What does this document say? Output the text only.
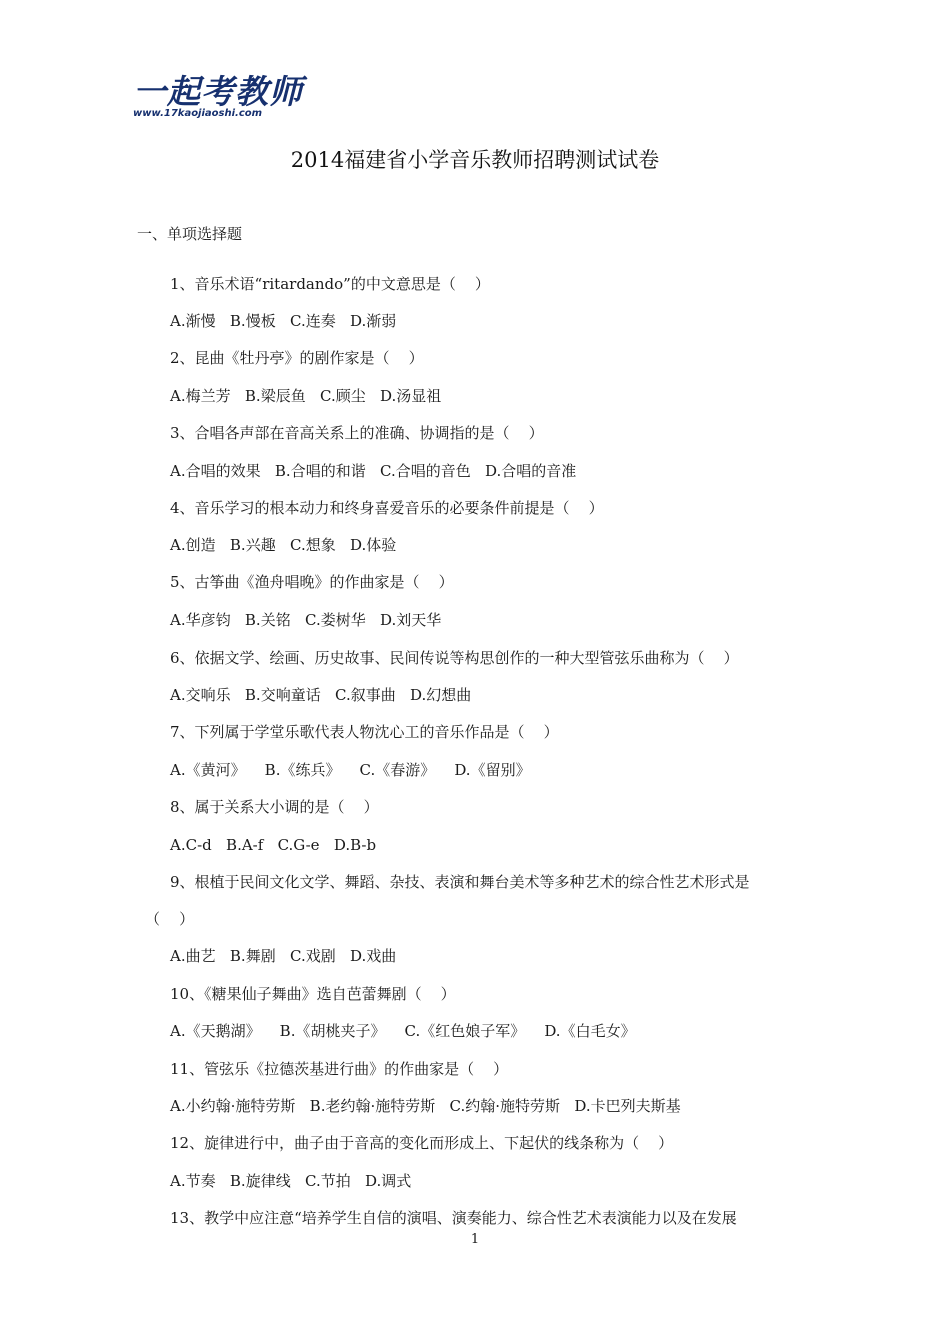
一起考教师
www.17kaojiaoshi.com
2014福建省小学音乐教师招聘测试试卷
一、单项选择题
1、音乐术语“ritardando”的中文意思是（    ）
A.渐慢   B.慢板   C.连奏   D.渐弱
2、昆曲《牡丹亭》的剧作家是（    ）
A.梅兰芳   B.梁辰鱼   C.顾尘   D.汤显祖
3、合唱各声部在音高关系上的准确、协调指的是（    ）
A.合唱的效果   B.合唱的和谐   C.合唱的音色   D.合唱的音准
4、音乐学习的根本动力和终身喜爱音乐的必要条件前提是（    ）
A.创造   B.兴趣   C.想象   D.体验
5、古筝曲《渔舟唱晚》的作曲家是（    ）
A.华彦钧   B.关铭   C.娄树华   D.刘天华
6、依据文学、绘画、历史故事、民间传说等构思创作的一种大型管弦乐曲称为（    ）
A.交响乐   B.交响童话   C.叙事曲   D.幻想曲
7、下列属于学堂乐歌代表人物沈心工的音乐作品是（    ）
A.《黄河》    B.《练兵》    C.《春游》    D.《留别》
8、属于关系大小调的是（    ）
A.C-d   B.A-f   C.G-e   D.B-b
9、根植于民间文化文学、舞蹈、杂技、表演和舞台美术等多种艺术的综合性艺术形式是
（    ）
A.曲艺   B.舞剧   C.戏剧   D.戏曲
10、《糖果仙子舞曲》选自芭蕾舞剧（    ）
A.《天鹅湖》    B.《胡桃夹子》    C.《红色娘子军》    D.《白毛女》
11、管弦乐《拉德茨基进行曲》的作曲家是（    ）
A.小约翰·施特劳斯   B.老约翰·施特劳斯   C.约翰·施特劳斯   D.卡巴列夫斯基
12、旋律进行中，曲子由于音高的变化而形成上、下起伏的线条称为（    ）
A.节奏   B.旋律线   C.节拍   D.调式
13、教学中应注意“培养学生自信的演唱、演奏能力、综合性艺术表演能力以及在发展
1
